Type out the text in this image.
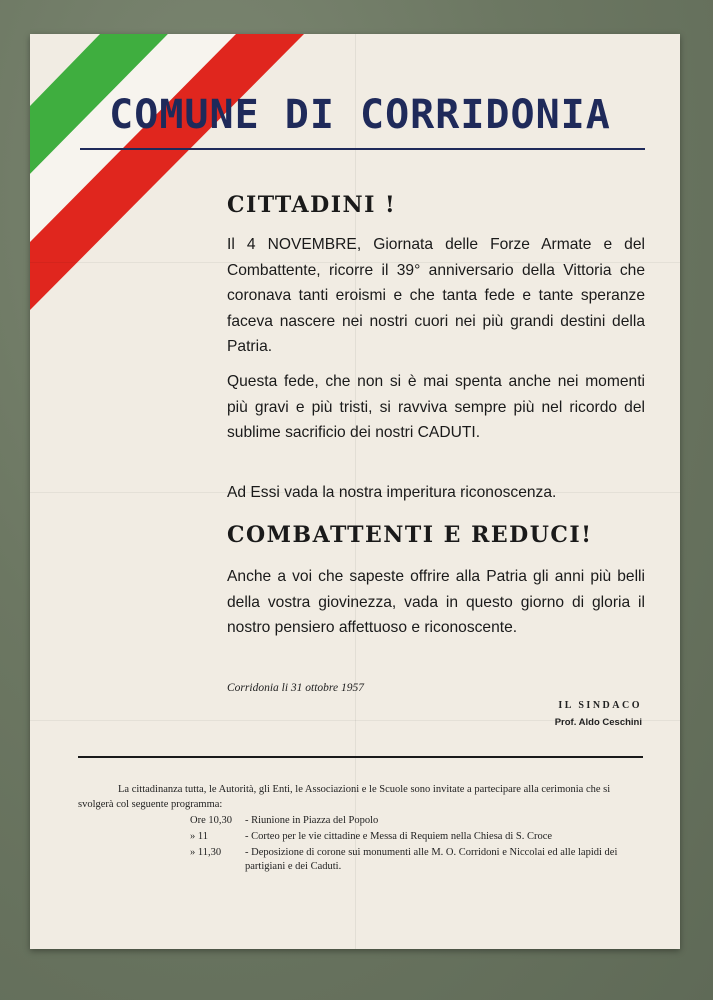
COMUNE DI CORRIDONIA
CITTADINI !
Il 4 NOVEMBRE, Giornata delle Forze Armate e del Combattente, ricorre il 39° anniversario della Vittoria che coronava tanti eroismi e che tanta fede e tante speranze faceva nascere nei nostri cuori nei più grandi destini della Patria.
Questa fede, che non si è mai spenta anche nei momenti più gravi e più tristi, si ravviva sempre più nel ricordo del sublime sacrificio dei nostri CADUTI.
Ad Essi vada la nostra imperitura riconoscenza.
COMBATTENTI E REDUCI!
Anche a voi che sapeste offrire alla Patria gli anni più belli della vostra giovinezza, vada in questo giorno di gloria il nostro pensiero affettuoso e riconoscente.
Corridonia li 31 ottobre 1957
IL SINDACO
Prof. Aldo Ceschini
La cittadinanza tutta, le Autorità, gli Enti, le Associazioni e le Scuole sono invitate a partecipare alla cerimonia che si svolgerà col seguente programma:
Ore 10,30	- Riunione in Piazza del Popolo
» 11	- Corteo per le vie cittadine e Messa di Requiem nella Chiesa di S. Croce
» 11,30	- Deposizione di corone sui monumenti alle M. O. Corridoni e Niccolai ed alle lapidi dei partigiani e dei Caduti.
